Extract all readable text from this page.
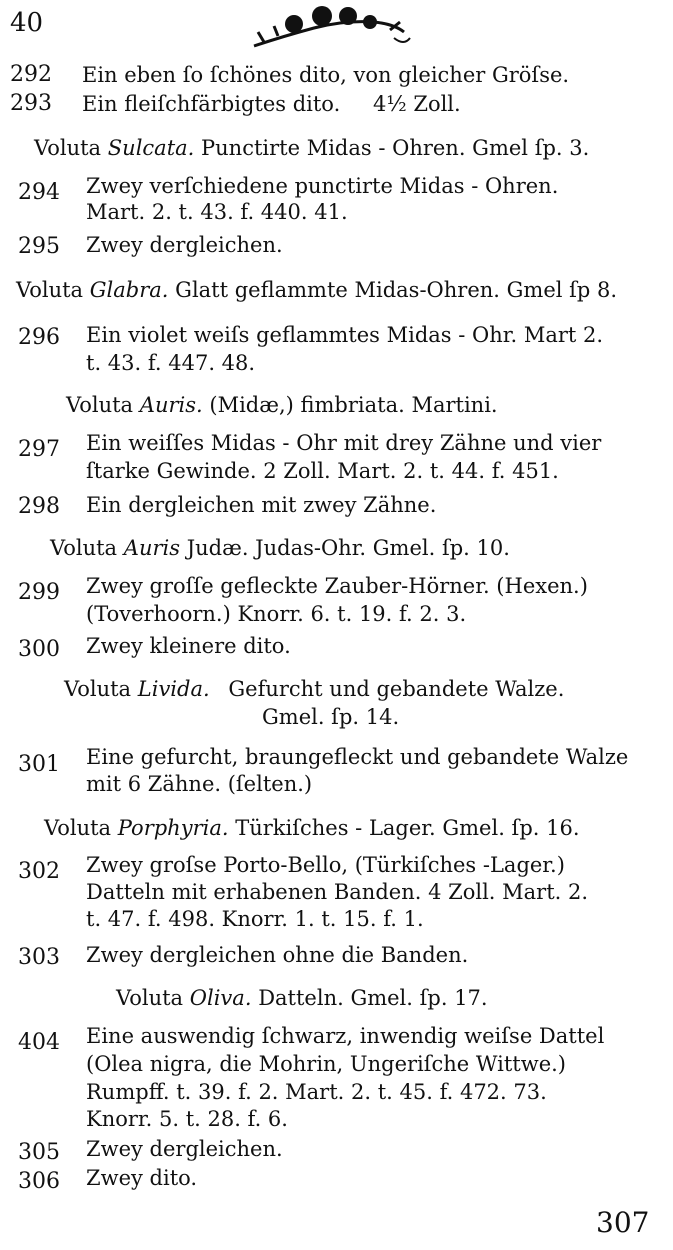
40
292 Ein eben ſo ſchönes dito, von gleicher Gröſse.
293 Ein fleiſchfärbigtes dito. 4½ Zoll.
Voluta Sulcata. Punctirte Midas - Ohren. Gmel ſp. 3.
294 Zwey verſchiedene punctirte Midas - Ohren.
Mart. 2. t. 43. f. 440. 41.
295 Zwey dergleichen.
Voluta Glabra. Glatt geflammte Midas-Ohren. Gmel ſp 8.
296 Ein violet weiſs geflammtes Midas - Ohr. Mart 2.
t. 43. f. 447. 48.
Voluta Auris. (Midæ,) fimbriata. Martini.
297 Ein weiſſes Midas - Ohr mit drey Zähne und vier
ſtarke Gewinde. 2 Zoll. Mart. 2. t. 44. f. 451.
298 Ein dergleichen mit zwey Zähne.
Voluta Auris Judæ. Judas-Ohr. Gmel. ſp. 10.
299 Zwey groſſe gefleckte Zauber-Hörner. (Hexen.)
(Toverhoorn.) Knorr. 6. t. 19. f. 2. 3.
300 Zwey kleinere dito.
Voluta Livida. Gefurcht und gebandete Walze.
Gmel. ſp. 14.
301 Eine gefurcht, braungefleckt und gebandete Walze
mit 6 Zähne. (ſelten.)
Voluta Porphyria. Türkiſches - Lager. Gmel. ſp. 16.
302 Zwey groſse Porto-Bello, (Türkiſches -Lager.)
Datteln mit erhabenen Banden. 4 Zoll. Mart. 2.
t. 47. f. 498. Knorr. 1. t. 15. f. 1.
303 Zwey dergleichen ohne die Banden.
Voluta Oliva. Datteln. Gmel. ſp. 17.
404 Eine auswendig ſchwarz, inwendig weiſse Dattel
(Olea nigra, die Mohrin, Ungeriſche Wittwe.)
Rumpff. t. 39. f. 2. Mart. 2. t. 45. f. 472. 73.
Knorr. 5. t. 28. f. 6.
305 Zwey dergleichen.
306 Zwey dito.
307
